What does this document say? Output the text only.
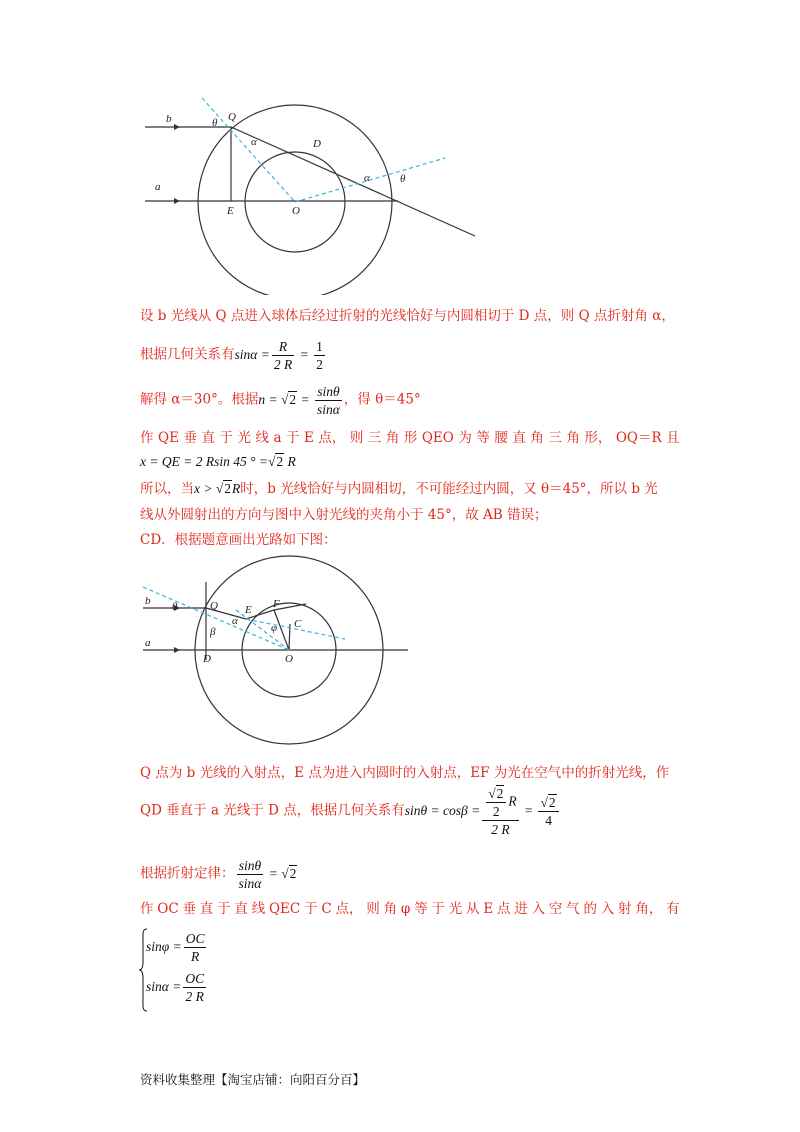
b	θ Q
α	D
a
E	O
α	θ
设 b 光线从 Q 点进入球体后经过折射的光线恰好与内圆相切于 D 点，则 Q 点折射角 α，
根据几何关系有$\sin\alpha = \frac{R}{2 R} = \frac{1}{2}$
解得 α＝30°。根据$n = √2 = \frac{\sin\theta}{\sin\alpha}$ ，得 θ＝45°
作 QE 垂 直 于 光 线 a 于 E 点， 则 三 角 形 QEO 为 等 腰 直 角 三 角 形， OQ＝R 且
x = QE = 2 Rsin 45 ° =√2 R
所以，当x > √2R时，b 光线恰好与内圆相切，不可能经过内圆，又 θ＝45°，所以 b 光
线从外圆射出的方向与图中入射光线的夹角小于 45°，故 AB 错误；
CD．根据题意画出光路如下图：
b θ	Q
α
E F
φ C
β
a
D	O
Q 点为 b 光线的入射点，E 点为进入内圆时的入射点，EF 为光在空气中的折射光线，作
QD 垂直于 a 光线于 D 点，根据几何关系有$\sin\theta = \cos\beta = \frac{\frac{√2}{2} R}{2 R} = \frac{√2}{4}$
根据折射定律： $\frac{\sin\theta}{\sin\alpha} = √2$
作 OC 垂 直 于 直 线 QEC 于 C 点， 则 角 φ 等 于 光 从 E 点 进 入 空 气 的 入 射 角， 有
$\sin\varphi = \frac{OC}{R}$
$\sin\alpha = \frac{OC}{2 R}$
资料收集整理【淘宝店铺：向阳百分百】
